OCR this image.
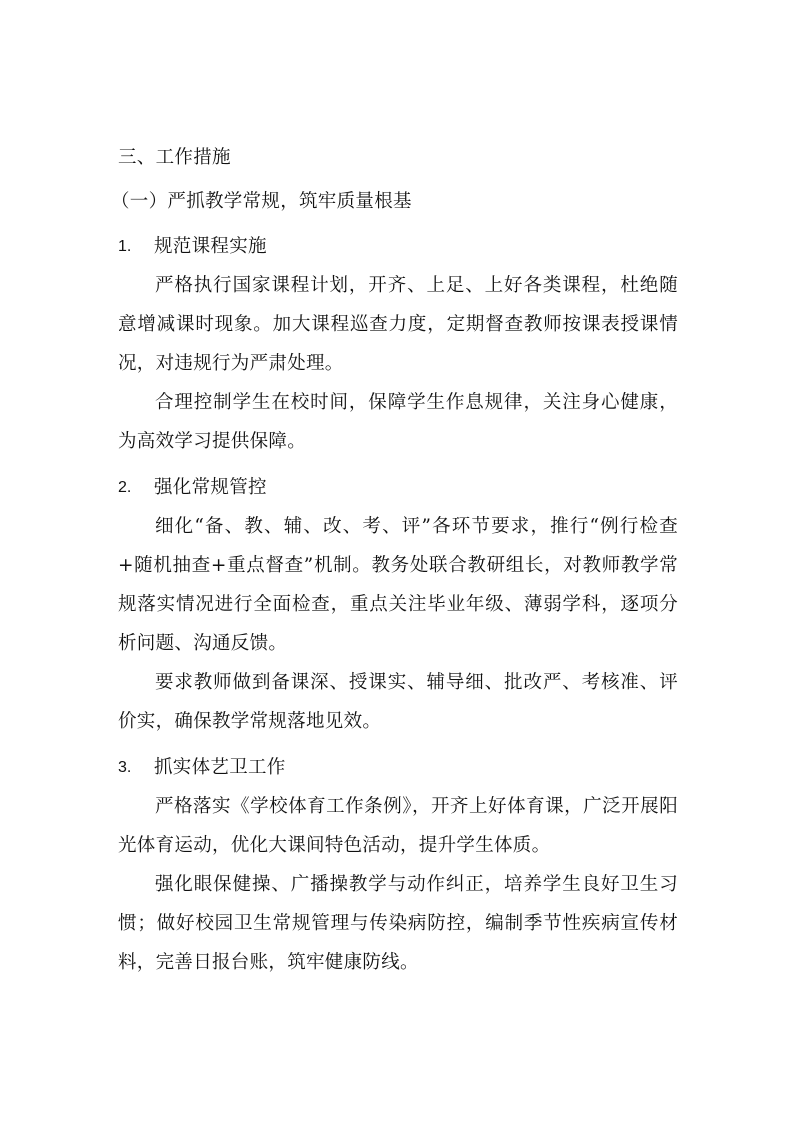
三、工作措施
（一）严抓教学常规，筑牢质量根基
1.	规范课程实施

严格执行国家课程计划，开齐、上足、上好各类课程，杜绝随意增减课时现象。加大课程巡查力度，定期督查教师按课表授课情况，对违规行为严肃处理。

合理控制学生在校时间，保障学生作息规律，关注身心健康，为高效学习提供保障。

2.	强化常规管控

细化“备、教、辅、改、考、评”各环节要求，推行“例行检查+随机抽查+重点督查”机制。教务处联合教研组长，对教师教学常规落实情况进行全面检查，重点关注毕业年级、薄弱学科，逐项分析问题、沟通反馈。

要求教师做到备课深、授课实、辅导细、批改严、考核准、评价实，确保教学常规落地见效。

3.	抓实体艺卫工作

严格落实《学校体育工作条例》，开齐上好体育课，广泛开展阳光体育运动，优化大课间特色活动，提升学生体质。

强化眼保健操、广播操教学与动作纠正，培养学生良好卫生习惯；做好校园卫生常规管理与传染病防控，编制季节性疾病宣传材料，完善日报台账，筑牢健康防线。
